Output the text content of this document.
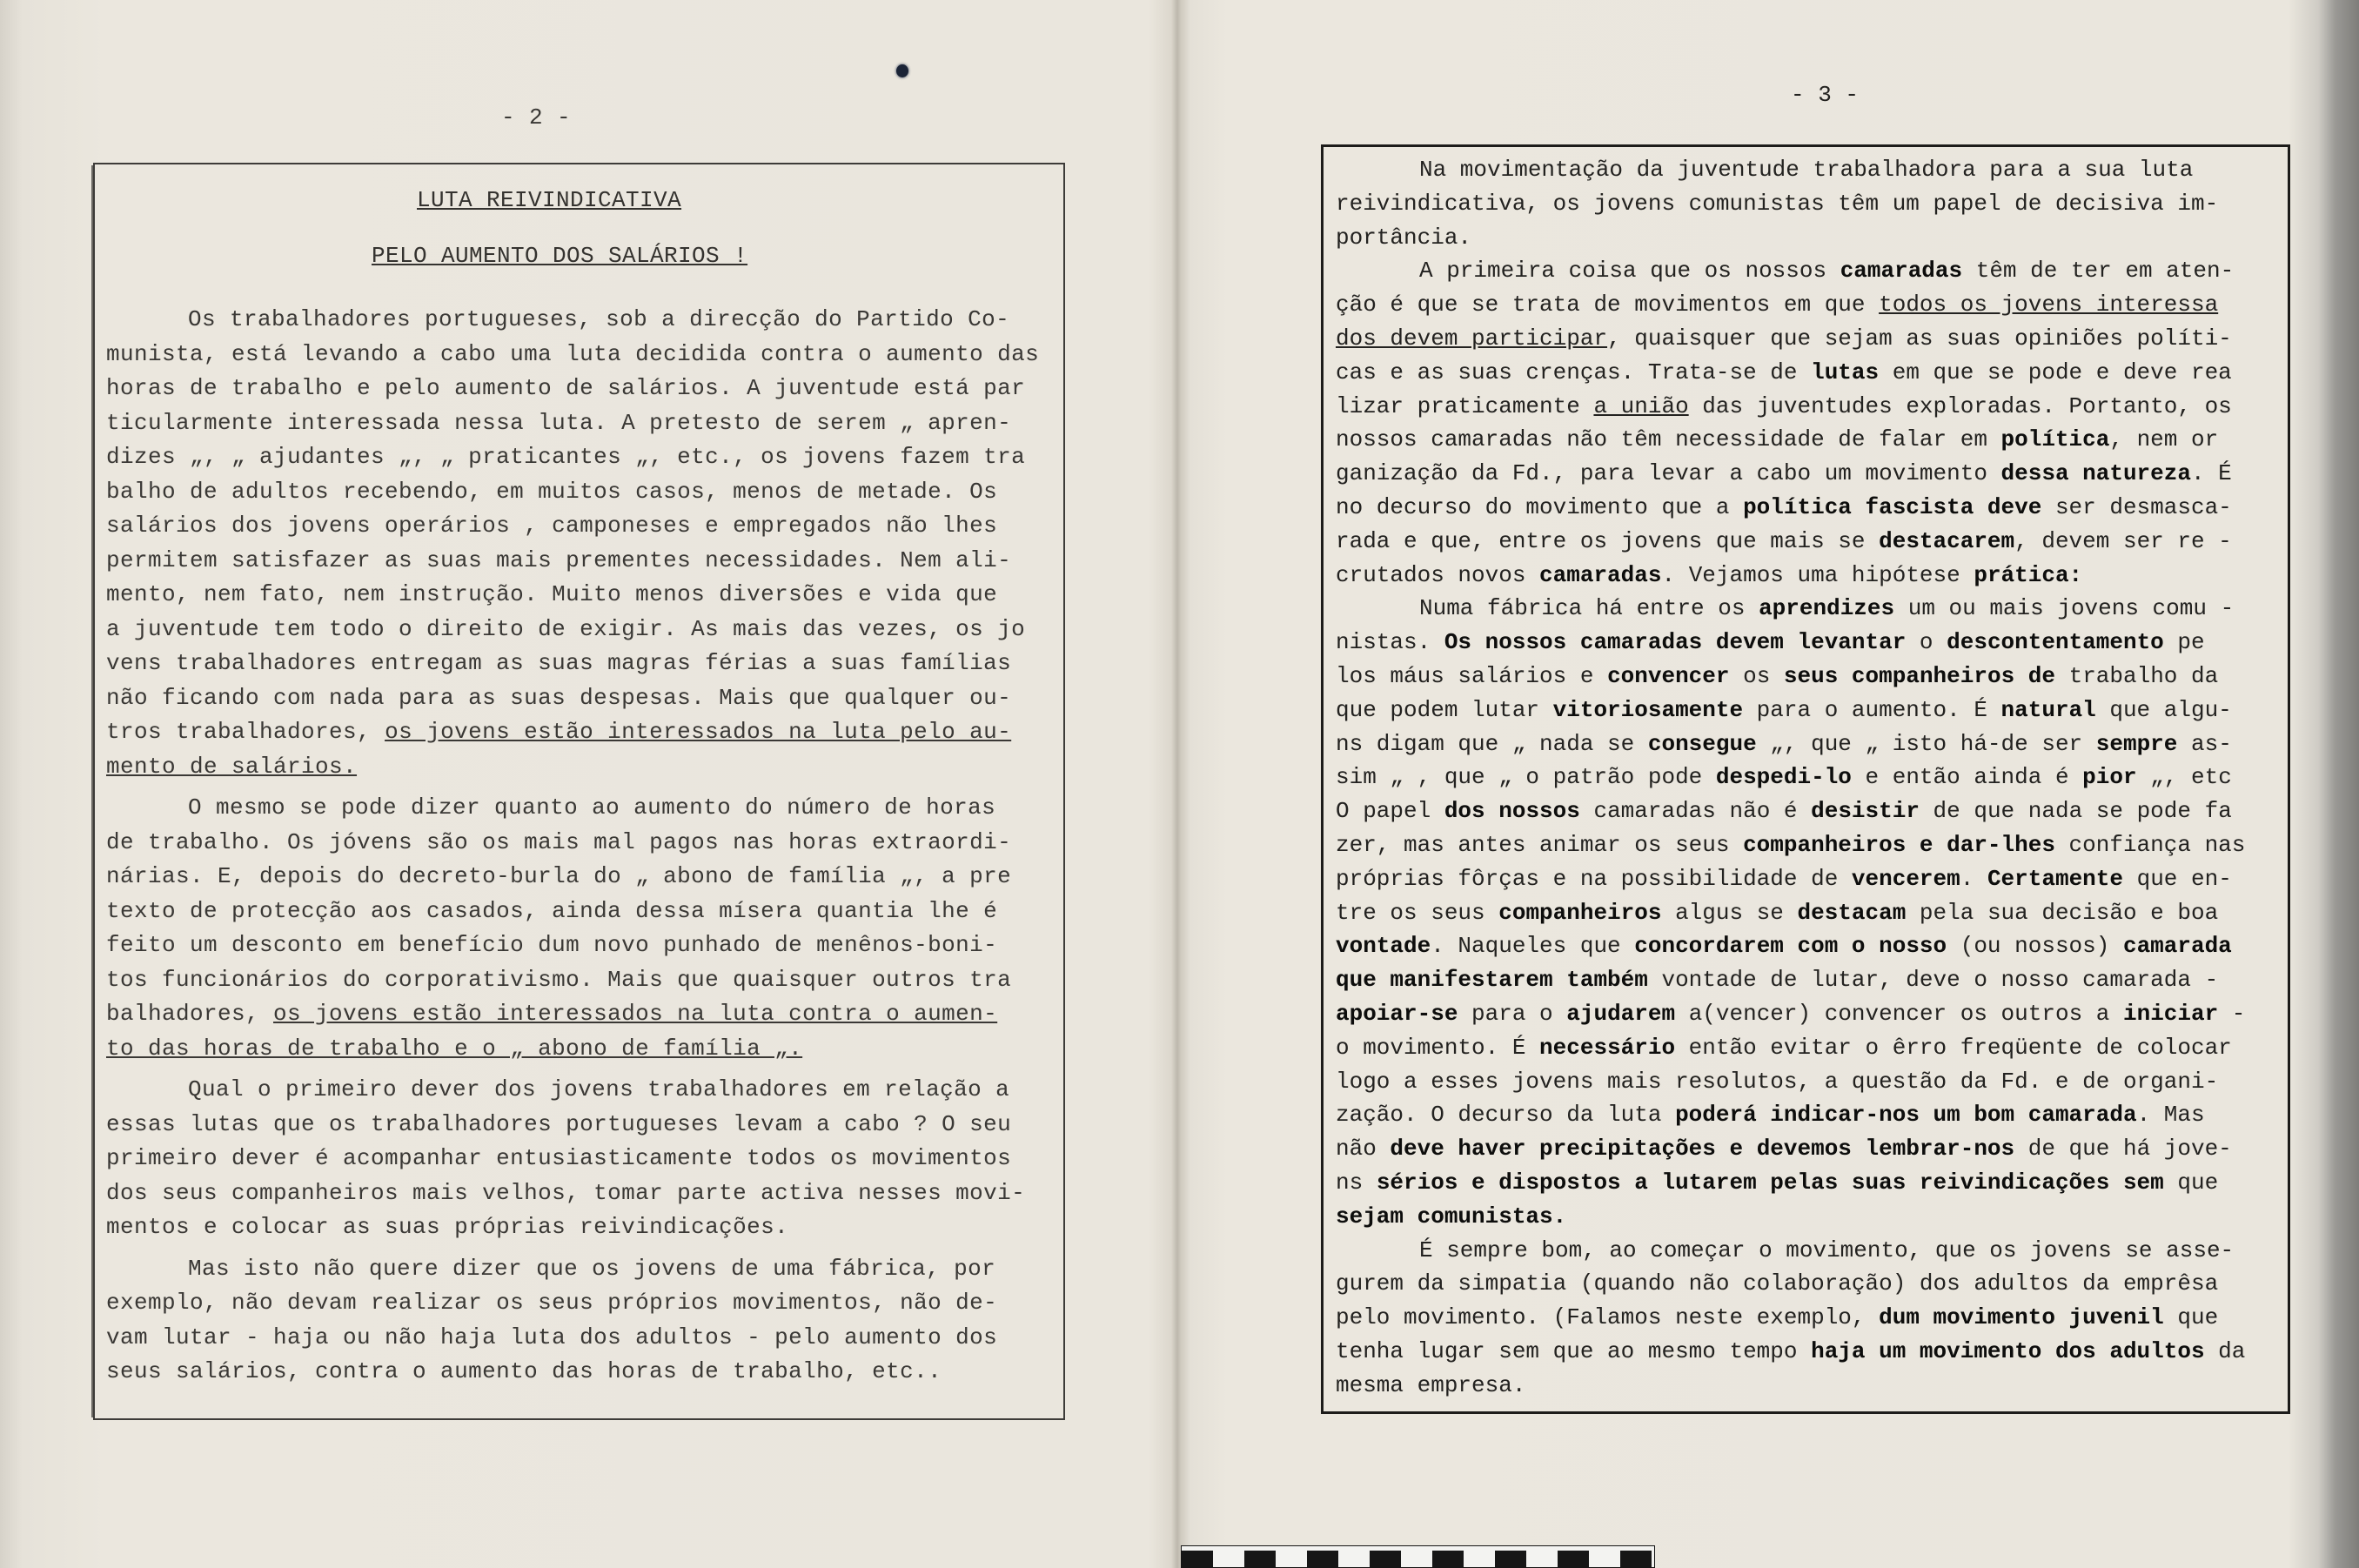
- 2 -
LUTA REIVINDICATIVA
PELO AUMENTO DOS SALÁRIOS !
Os trabalhadores portugueses, sob a direcção do Partido Co-
munista, está levando a cabo uma luta decidida contra o aumento das
horas de trabalho e pelo aumento de salários. A juventude está par
ticularmente interessada nessa luta. A pretesto de serem „ apren-
dizes „, „ ajudantes „, „ praticantes „, etc., os jovens fazem tra
balho de adultos recebendo, em muitos casos, menos de metade. Os
salários dos jovens operários , camponeses e empregados não lhes
permitem satisfazer as suas mais prementes necessidades. Nem ali-
mento, nem fato, nem instrução. Muito menos diversões e vida que
a juventude tem todo o direito de exigir. As mais das vezes, os jo
vens trabalhadores entregam as suas magras férias a suas famílias
não ficando com nada para as suas despesas. Mais que qualquer ou-
tros trabalhadores, os jovens estão interessados na luta pelo au-
mento de salários.
O mesmo se pode dizer quanto ao aumento do número de horas
de trabalho. Os jóvens são os mais mal pagos nas horas extraordi-
nárias. E, depois do decreto-burla do „ abono de família „, a pre
texto de protecção aos casados, ainda dessa mísera quantia lhe é
feito um desconto em benefício dum novo punhado de menênos-boni-
tos funcionários do corporativismo. Mais que quaisquer outros tra
balhadores, os jovens estão interessados na luta contra o aumen-
to das horas de trabalho e o „ abono de família „.
Qual o primeiro dever dos jovens trabalhadores em relação a
essas lutas que os trabalhadores portugueses levam a cabo ? O seu
primeiro dever é acompanhar entusiasticamente todos os movimentos
dos seus companheiros mais velhos, tomar parte activa nesses movi-
mentos e colocar as suas próprias reivindicações.
Mas isto não quere dizer que os jovens de uma fábrica, por
exemplo, não devam realizar os seus próprios movimentos, não de-
vam lutar - haja ou não haja luta dos adultos - pelo aumento dos
seus salários, contra o aumento das horas de trabalho, etc..
- 3 -
Na movimentação da juventude trabalhadora para a sua luta
reivindicativa, os jovens comunistas têm um papel de decisiva im-
portância.
A primeira coisa que os nossos camaradas têm de ter em aten-
ção é que se trata de movimentos em que todos os jovens interessa
dos devem participar, quaisquer que sejam as suas opiniões políti-
cas e as suas crenças. Trata-se de lutas em que se pode e deve rea
lizar praticamente a união das juventudes exploradas. Portanto, os
nossos camaradas não têm necessidade de falar em política, nem or
ganização da Fd., para levar a cabo um movimento dessa natureza. É
no decurso do movimento que a política fascista deve ser desmasca-
rada e que, entre os jovens que mais se destacarem, devem ser re -
crutados novos camaradas. Vejamos uma hipótese prática:
Numa fábrica há entre os aprendizes um ou mais jovens comu -
nistas. Os nossos camaradas devem levantar o descontentamento pe
los máus salários e convencer os seus companheiros de trabalho da
que podem lutar vitoriosamente para o aumento. É natural que algu-
ns digam que „ nada se consegue „, que „ isto há-de ser sempre as-
sim „ , que „ o patrão pode despedi-lo e então ainda é pior „, etc
O papel dos nossos camaradas não é desistir de que nada se pode fa
zer, mas antes animar os seus companheiros e dar-lhes confiança nas
próprias fôrças e na possibilidade de vencerem. Certamente que en-
tre os seus companheiros algus se destacam pela sua decisão e boa
vontade. Naqueles que concordarem com o nosso (ou nossos) camarada
que manifestarem também vontade de lutar, deve o nosso camarada -
apoiar-se para o ajudarem a(vencer) convencer os outros a iniciar -
o movimento. É necessário então evitar o êrro freqüente de colocar
logo a esses jovens mais resolutos, a questão da Fd. e de organi-
zação. O decurso da luta poderá indicar-nos um bom camarada. Mas
não deve haver precipitações e devemos lembrar-nos de que há jove-
ns sérios e dispostos a lutarem pelas suas reivindicações sem que
sejam comunistas.
É sempre bom, ao começar o movimento, que os jovens se asse-
gurem da simpatia (quando não colaboração) dos adultos da emprêsa
pelo movimento. (Falamos neste exemplo, dum movimento juvenil que
tenha lugar sem que ao mesmo tempo haja um movimento dos adultos da
mesma empresa.
